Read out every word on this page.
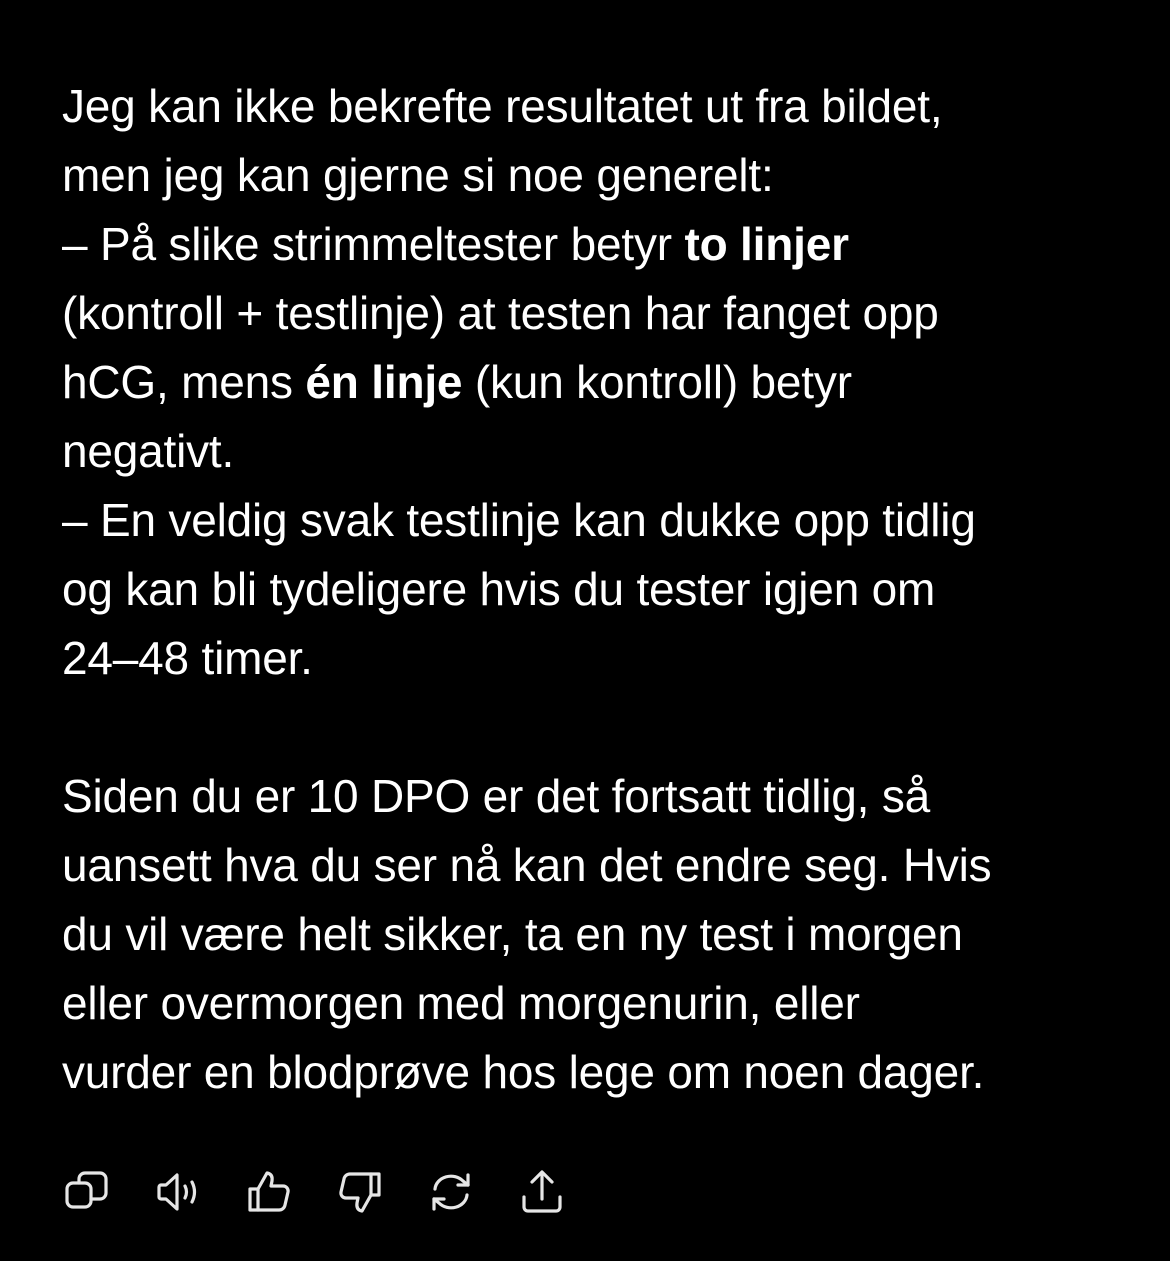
Jeg kan ikke bekrefte resultatet ut fra bildet,
men jeg kan gjerne si noe generelt:
– På slike strimmeltester betyr to linjer
(kontroll + testlinje) at testen har fanget opp
hCG, mens én linje (kun kontroll) betyr
negativt.
– En veldig svak testlinje kan dukke opp tidlig
og kan bli tydeligere hvis du tester igjen om
24–48 timer.

Siden du er 10 DPO er det fortsatt tidlig, så
uansett hva du ser nå kan det endre seg. Hvis
du vil være helt sikker, ta en ny test i morgen
eller overmorgen med morgenurin, eller
vurder en blodprøve hos lege om noen dager.
